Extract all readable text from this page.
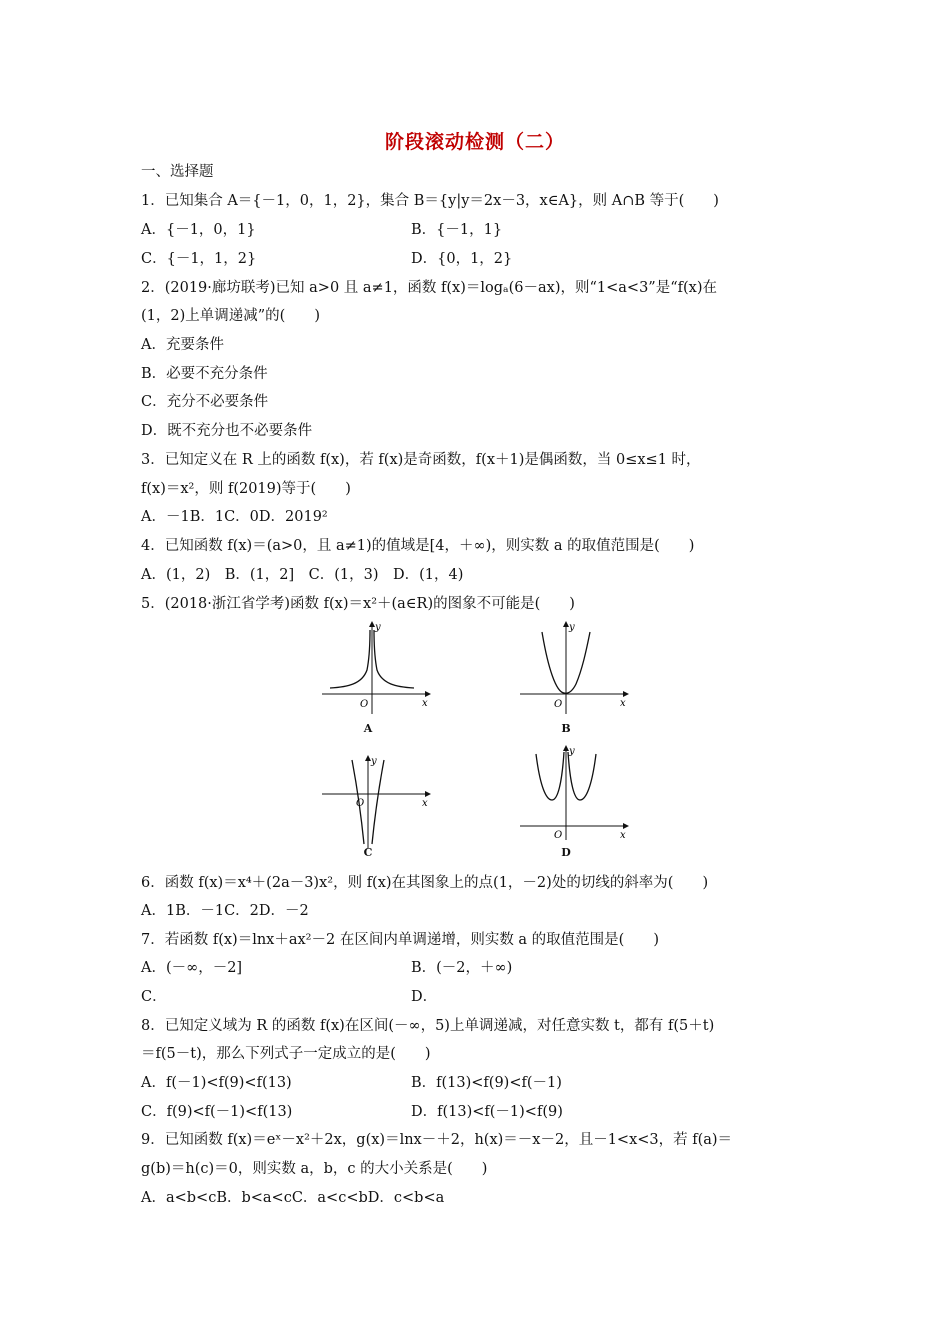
阶段滚动检测（二）
一、选择题
1．已知集合 A＝{－1，0，1，2}，集合 B＝{y|y＝2x－3，x∈A}，则 A∩B 等于(　　)
A．{－1，0，1}	B．{－1，1}
C．{－1，1，2}	D．{0，1，2}
2．(2019·廊坊联考)已知 a>0 且 a≠1，函数 f(x)＝logₐ(6－ax)，则“1<a<3”是“f(x)在
(1，2)上单调递减”的(　　)
A．充要条件
B．必要不充分条件
C．充分不必要条件
D．既不充分也不必要条件
3．已知定义在 R 上的函数 f(x)，若 f(x)是奇函数，f(x＋1)是偶函数，当 0≤x≤1 时，
f(x)＝x²，则 f(2019)等于(　　)
A．－1B．1C．0D．2019²
4．已知函数 f(x)＝(a>0，且 a≠1)的值域是[4，＋∞)，则实数 a 的取值范围是(　　)
A．(1，2)　B．(1，2]　C．(1，3)　D．(1，4)
5．(2018·浙江省学考)函数 f(x)＝x²＋(a∈R)的图象不可能是(　　)
O	x
y
A
O	x
y
B
O	x
y
C
O	x
y
D
6．函数 f(x)＝x⁴＋(2a－3)x²，则 f(x)在其图象上的点(1，－2)处的切线的斜率为(　　)
A．1B．－1C．2D．－2
7．若函数 f(x)＝lnx＋ax²－2 在区间内单调递增，则实数 a 的取值范围是(　　)
A．(－∞，－2]	B．(－2，＋∞)
C．	D．
8．已知定义域为 R 的函数 f(x)在区间(－∞，5)上单调递减，对任意实数 t，都有 f(5＋t)
＝f(5－t)，那么下列式子一定成立的是(　　)
A．f(－1)<f(9)<f(13)	B．f(13)<f(9)<f(－1)
C．f(9)<f(－1)<f(13)	D．f(13)<f(－1)<f(9)
9．已知函数 f(x)＝eˣ－x²＋2x，g(x)＝lnx－＋2，h(x)＝－x－2，且－1<x<3，若 f(a)＝
g(b)＝h(c)＝0，则实数 a，b，c 的大小关系是(　　)
A．a<b<cB．b<a<cC．a<c<bD．c<b<a
